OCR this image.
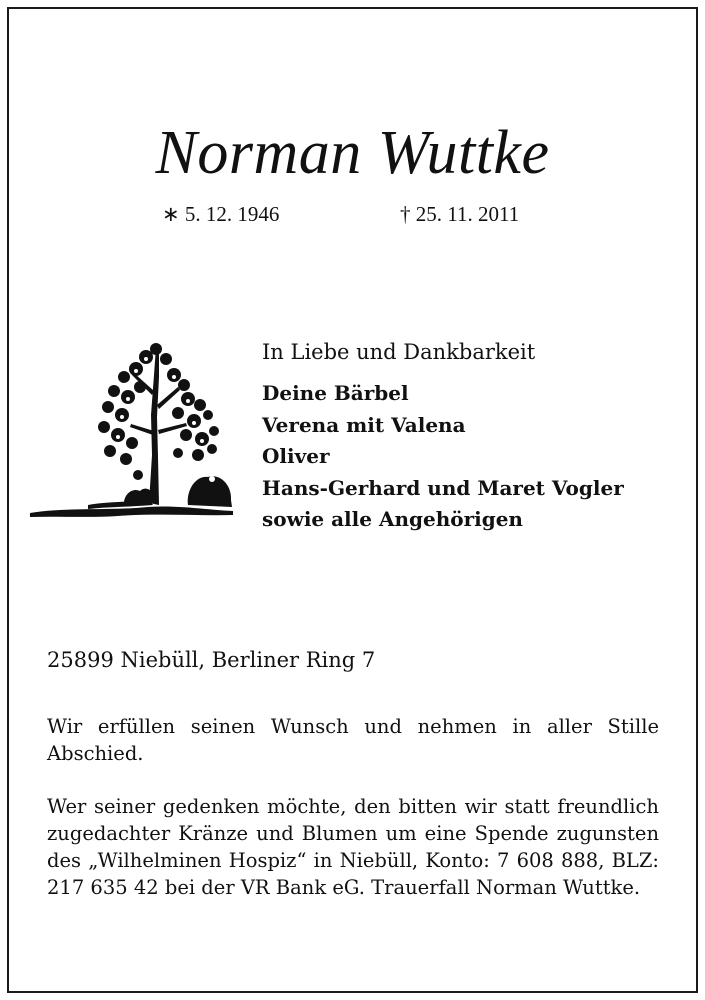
Norman Wuttke
∗ 5. 12. 1946	† 25. 11. 2011
In Liebe und Dankbarkeit
Deine Bärbel
Verena mit Valena
Oliver
Hans-Gerhard und Maret Vogler
sowie alle Angehörigen
25899 Niebüll, Berliner Ring 7
Wir erfüllen seinen Wunsch und nehmen in aller Stille Abschied.
Wer seiner gedenken möchte, den bitten wir statt freundlich zugedachter Kränze und Blumen um eine Spende zugunsten des „Wilhelminen Hospiz“ in Niebüll, Konto: 7 608 888, BLZ: 217 635 42 bei der VR Bank eG. Trauerfall Norman Wuttke.
